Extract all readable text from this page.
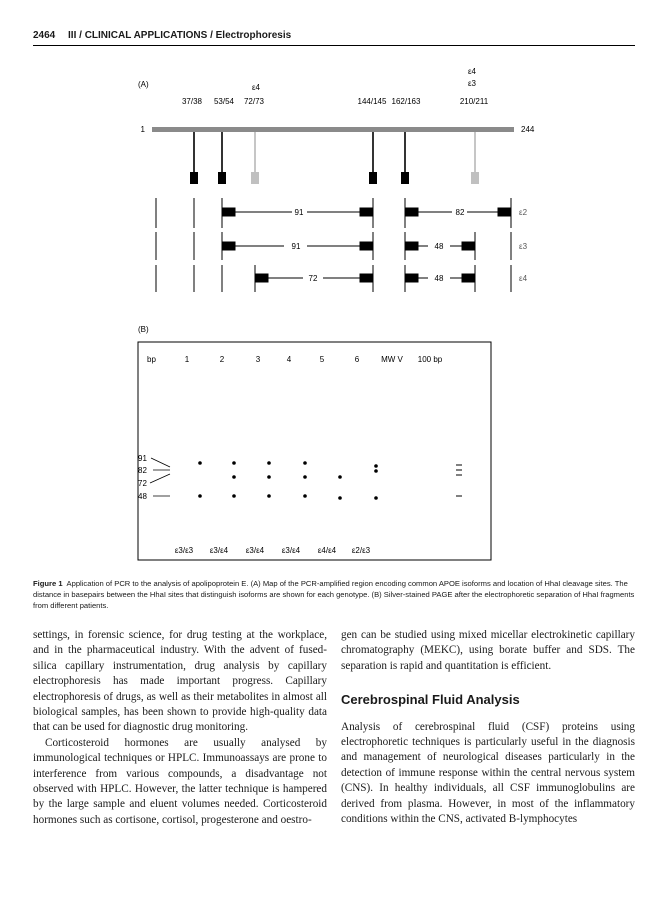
2464 III / CLINICAL APPLICATIONS / Electrophoresis
(A)	ε4
ε4
ε3
37/38 53/54 72/73	144/145 162/163	210/211
1	244
91	82	ε2
91	48	ε3
72	48	ε4
(B)
bp	1	2	3	4	5	6	MW V 100 bp
91
82
72
48
ε3/ε3 ε3/ε4 ε3/ε4 ε3/ε4 ε4/ε4 ε2/ε3
Figure 1 Application of PCR to the analysis of apolipoprotein E. (A) Map of the PCR-amplified region encoding common APOE isoforms and location of HhaI cleavage sites. The distance in basepairs between the HhaI sites that distinguish isoforms are shown for each genotype. (B) Silver-stained PAGE after the electrophoretic separation of HhaI fragments from different patients.

settings, in forensic science, for drug testing at the workplace, and in the pharmaceutical industry. With the advent of fused-silica capillary instrumentation, drug analysis by capillary electrophoresis has made important progress. Capillary electrophoresis of drugs, as well as their metabolites in almost all biological samples, has been shown to provide high-quality data that can be used for diagnostic drug monitoring.

Corticosteroid hormones are usually analysed by immunological techniques or HPLC. Immunoassays are prone to interference from various compounds, a disadvantage not observed with HPLC. However, the latter technique is hampered by the large sample and eluent volumes needed. Corticosteroid hormones such as cortisone, cortisol, progesterone and oestro-

gen can be studied using mixed micellar electrokinetic capillary chromatography (MEKC), using borate buffer and SDS. The separation is rapid and quantitation is efficient.

Cerebrospinal Fluid Analysis

Analysis of cerebrospinal fluid (CSF) proteins using electrophoretic techniques is particularly useful in the diagnosis and management of neurological diseases particularly in the detection of immune response within the central nervous system (CNS). In healthy individuals, all CSF immunoglobulins are derived from plasma. However, in most of the inflammatory conditions within the CNS, activated B-lymphocytes
